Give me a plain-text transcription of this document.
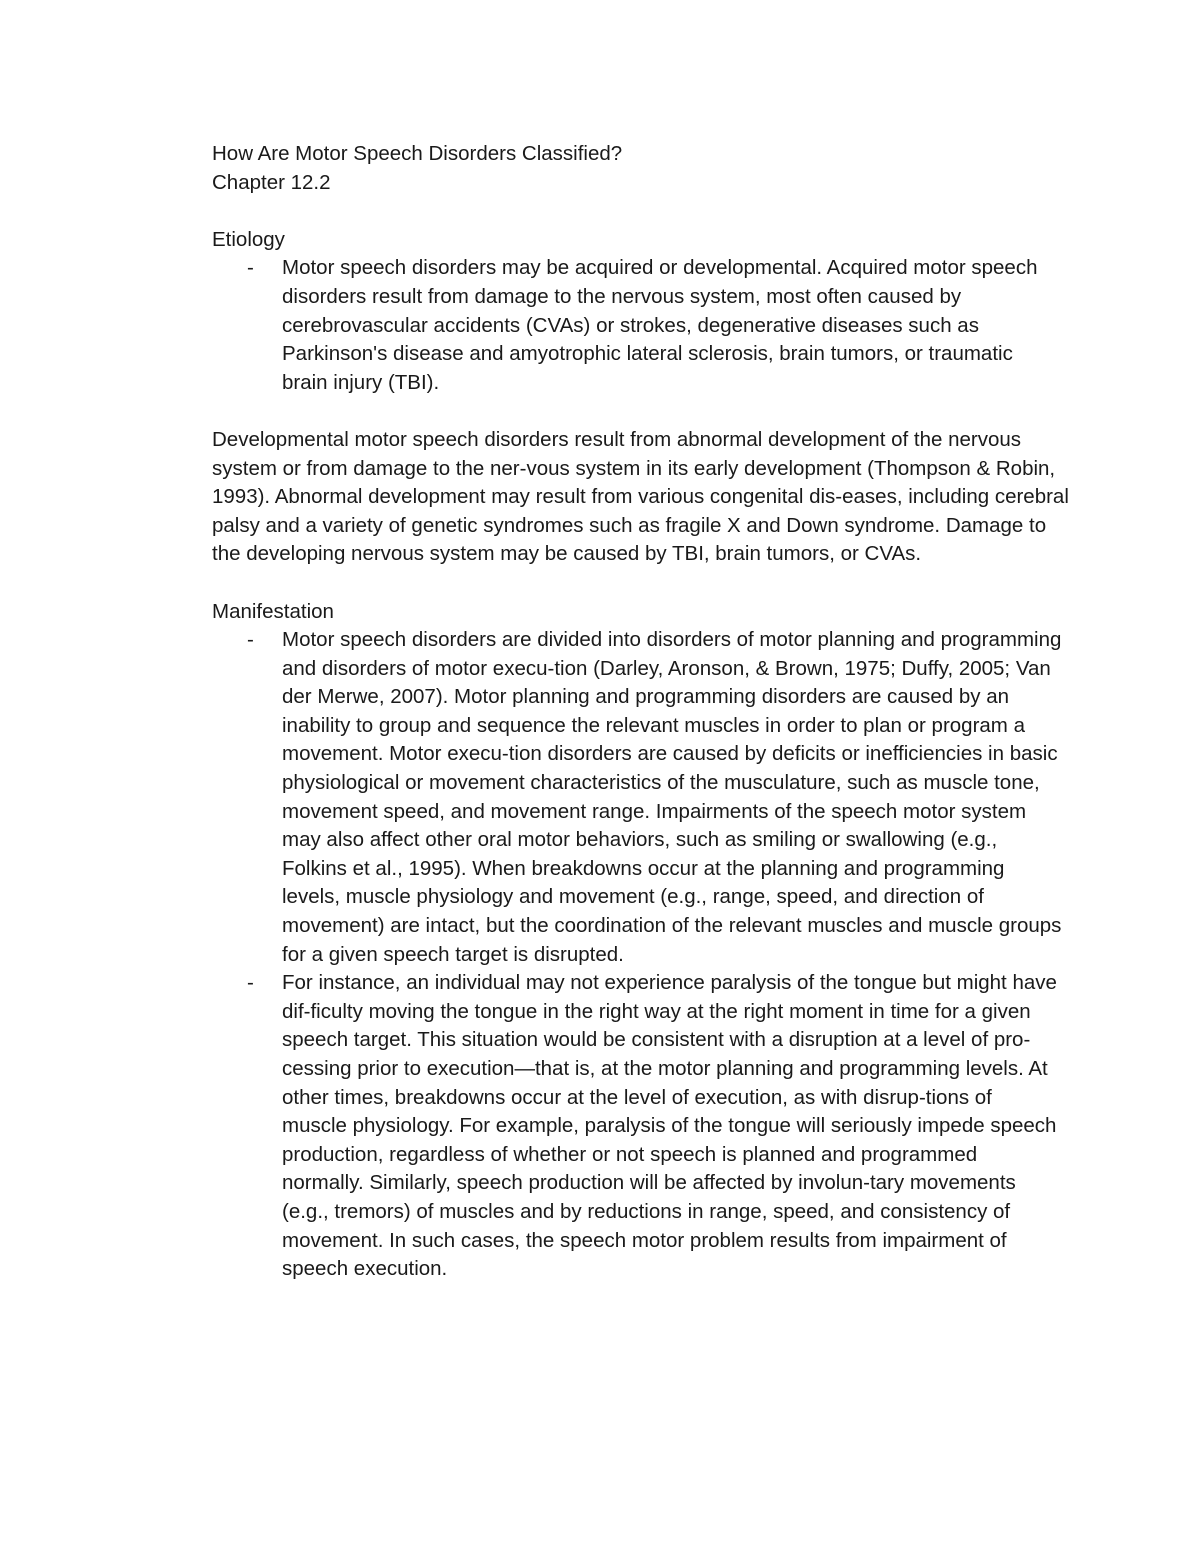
How Are Motor Speech Disorders Classified?

Chapter 12.2

Etiology

- Motor speech disorders may be acquired or developmental. Acquired motor speech disorders result from damage to the nervous system, most often caused by cerebrovascular accidents (CVAs) or strokes, degenerative diseases such as Parkinson's disease and amyotrophic lateral sclerosis, brain tumors, or traumatic brain injury (TBI).

Developmental motor speech disorders result from abnormal development of the nervous system or from damage to the ner-vous system in its early development (Thompson & Robin, 1993). Abnormal development may result from various congenital dis-eases, including cerebral palsy and a variety of genetic syndromes such as fragile X and Down syndrome. Damage to the developing nervous system may be caused by TBI, brain tumors, or CVAs.

Manifestation

- Motor speech disorders are divided into disorders of motor planning and programming and disorders of motor execu-tion (Darley, Aronson, & Brown, 1975; Duffy, 2005; Van der Merwe, 2007). Motor planning and programming disorders are caused by an inability to group and sequence the relevant muscles in order to plan or program a movement. Motor execu-tion disorders are caused by deficits or inefficiencies in basic physiological or movement characteristics of the musculature, such as muscle tone, movement speed, and movement range. Impairments of the speech motor system may also affect other oral motor behaviors, such as smiling or swallowing (e.g., Folkins et al., 1995). When breakdowns occur at the planning and programming levels, muscle physiology and movement (e.g., range, speed, and direction of movement) are intact, but the coordination of the relevant muscles and muscle groups for a given speech target is disrupted.

- For instance, an individual may not experience paralysis of the tongue but might have dif-ficulty moving the tongue in the right way at the right moment in time for a given speech target. This situation would be consistent with a disruption at a level of pro-cessing prior to execution—that is, at the motor planning and programming levels. At other times, breakdowns occur at the level of execution, as with disrup-tions of muscle physiology. For example, paralysis of the tongue will seriously impede speech production, regardless of whether or not speech is planned and programmed normally. Similarly, speech production will be affected by involun-tary movements (e.g., tremors) of muscles and by reductions in range, speed, and consistency of movement. In such cases, the speech motor problem results from impairment of speech execution.
